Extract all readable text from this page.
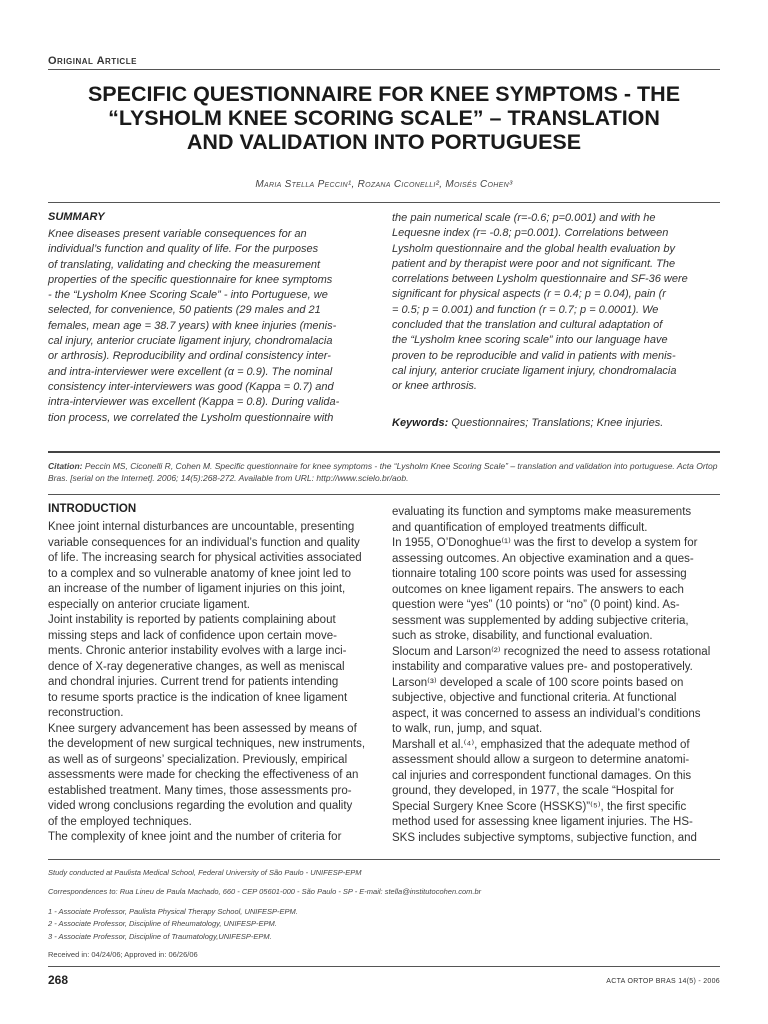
Original Article
SPECIFIC QUESTIONNAIRE FOR KNEE SYMPTOMS - THE
“LYSHOLM KNEE SCORING SCALE” – TRANSLATION
AND VALIDATION INTO PORTUGUESE
Maria Stella Peccin¹, Rozana Ciconelli², Moisés Cohen³
SUMMARY
Knee diseases present variable consequences for an
individual’s function and quality of life. For the purposes
of translating, validating and checking the measurement
properties of the specific questionnaire for knee symptoms
- the “Lysholm Knee Scoring Scale” - into Portuguese, we
selected, for convenience, 50 patients (29 males and 21
females, mean age = 38.7 years) with knee injuries (menis-
cal injury, anterior cruciate ligament injury, chondromalacia
or arthrosis). Reproducibility and ordinal consistency inter-
and intra-interviewer were excellent (α = 0.9). The nominal
consistency inter-interviewers was good (Kappa = 0.7) and
intra-interviewer was excellent (Kappa = 0.8). During valida-
tion process, we correlated the Lysholm questionnaire with
the pain numerical scale (r=-0.6; p=0.001) and with he
Lequesne index (r= -0.8; p=0.001). Correlations between
Lysholm questionnaire and the global health evaluation by
patient and by therapist were poor and not significant. The
correlations between Lysholm questionnaire and SF-36 were
significant for physical aspects (r = 0.4; p = 0.04), pain (r
= 0.5; p = 0.001) and function (r = 0.7; p = 0.0001). We
concluded that the translation and cultural adaptation of
the “Lysholm knee scoring scale” into our language have
proven to be reproducible and valid in patients with menis-
cal injury, anterior cruciate ligament injury, chondromalacia
or knee arthrosis.
Keywords: Questionnaires; Translations; Knee injuries.
Citation: Peccin MS, Ciconelli R, Cohen M. Specific questionnaire for knee symptoms - the “Lysholm Knee Scoring Scale” – translation and validation into portuguese. Acta Ortop Bras. [serial on the Internet]. 2006; 14(5):268-272. Available from URL: http://www.scielo.br/aob.
INTRODUCTION
Knee joint internal disturbances are uncountable, presenting
variable consequences for an individual’s function and quality
of life. The increasing search for physical activities associated
to a complex and so vulnerable anatomy of knee joint led to
an increase of the number of ligament injuries on this joint,
especially on anterior cruciate ligament.
Joint instability is reported by patients complaining about
missing steps and lack of confidence upon certain move-
ments. Chronic anterior instability evolves with a large inci-
dence of X-ray degenerative changes, as well as meniscal
and chondral injuries. Current trend for patients intending
to resume sports practice is the indication of knee ligament
reconstruction.
Knee surgery advancement has been assessed by means of
the development of new surgical techniques, new instruments,
as well as of surgeons’ specialization. Previously, empirical
assessments were made for checking the effectiveness of an
established treatment. Many times, those assessments pro-
vided wrong conclusions regarding the evolution and quality
of the employed techniques.
The complexity of knee joint and the number of criteria for
evaluating its function and symptoms make measurements
and quantification of employed treatments difficult.
In 1955, O’Donoghue⁽¹⁾ was the first to develop a system for
assessing outcomes. An objective examination and a ques-
tionnaire totaling 100 score points was used for assessing
outcomes on knee ligament repairs. The answers to each
question were “yes” (10 points) or “no” (0 point) kind. As-
sessment was supplemented by adding subjective criteria,
such as stroke, disability, and functional evaluation.
Slocum and Larson⁽²⁾ recognized the need to assess rotational
instability and comparative values pre- and postoperatively.
Larson⁽³⁾ developed a scale of 100 score points based on
subjective, objective and functional criteria. At functional
aspect, it was concerned to assess an individual’s conditions
to walk, run, jump, and squat.
Marshall et al.⁽⁴⁾, emphasized that the adequate method of
assessment should allow a surgeon to determine anatomi-
cal injuries and correspondent functional damages. On this
ground, they developed, in 1977, the scale “Hospital for
Special Surgery Knee Score (HSSKS)”⁽⁵⁾, the first specific
method used for assessing knee ligament injuries. The HS-
SKS includes subjective symptoms, subjective function, and
Study conducted at Paulista Medical School, Federal University of São Paulo - UNIFESP-EPM
Correspondences to: Rua Lineu de Paula Machado, 660 - CEP 05601-000 - São Paulo - SP - E-mail: stella@institutocohen.com.br
1 - Associate Professor, Paulista Physical Therapy School, UNIFESP-EPM.
2 - Associate Professor, Discipline of Rheumatology, UNIFESP-EPM.
3 - Associate Professor, Discipline of Traumatology,UNIFESP-EPM.
Received in: 04/24/06; Approved in: 06/26/06
268	ACTA ORTOP BRAS 14(5) - 2006
